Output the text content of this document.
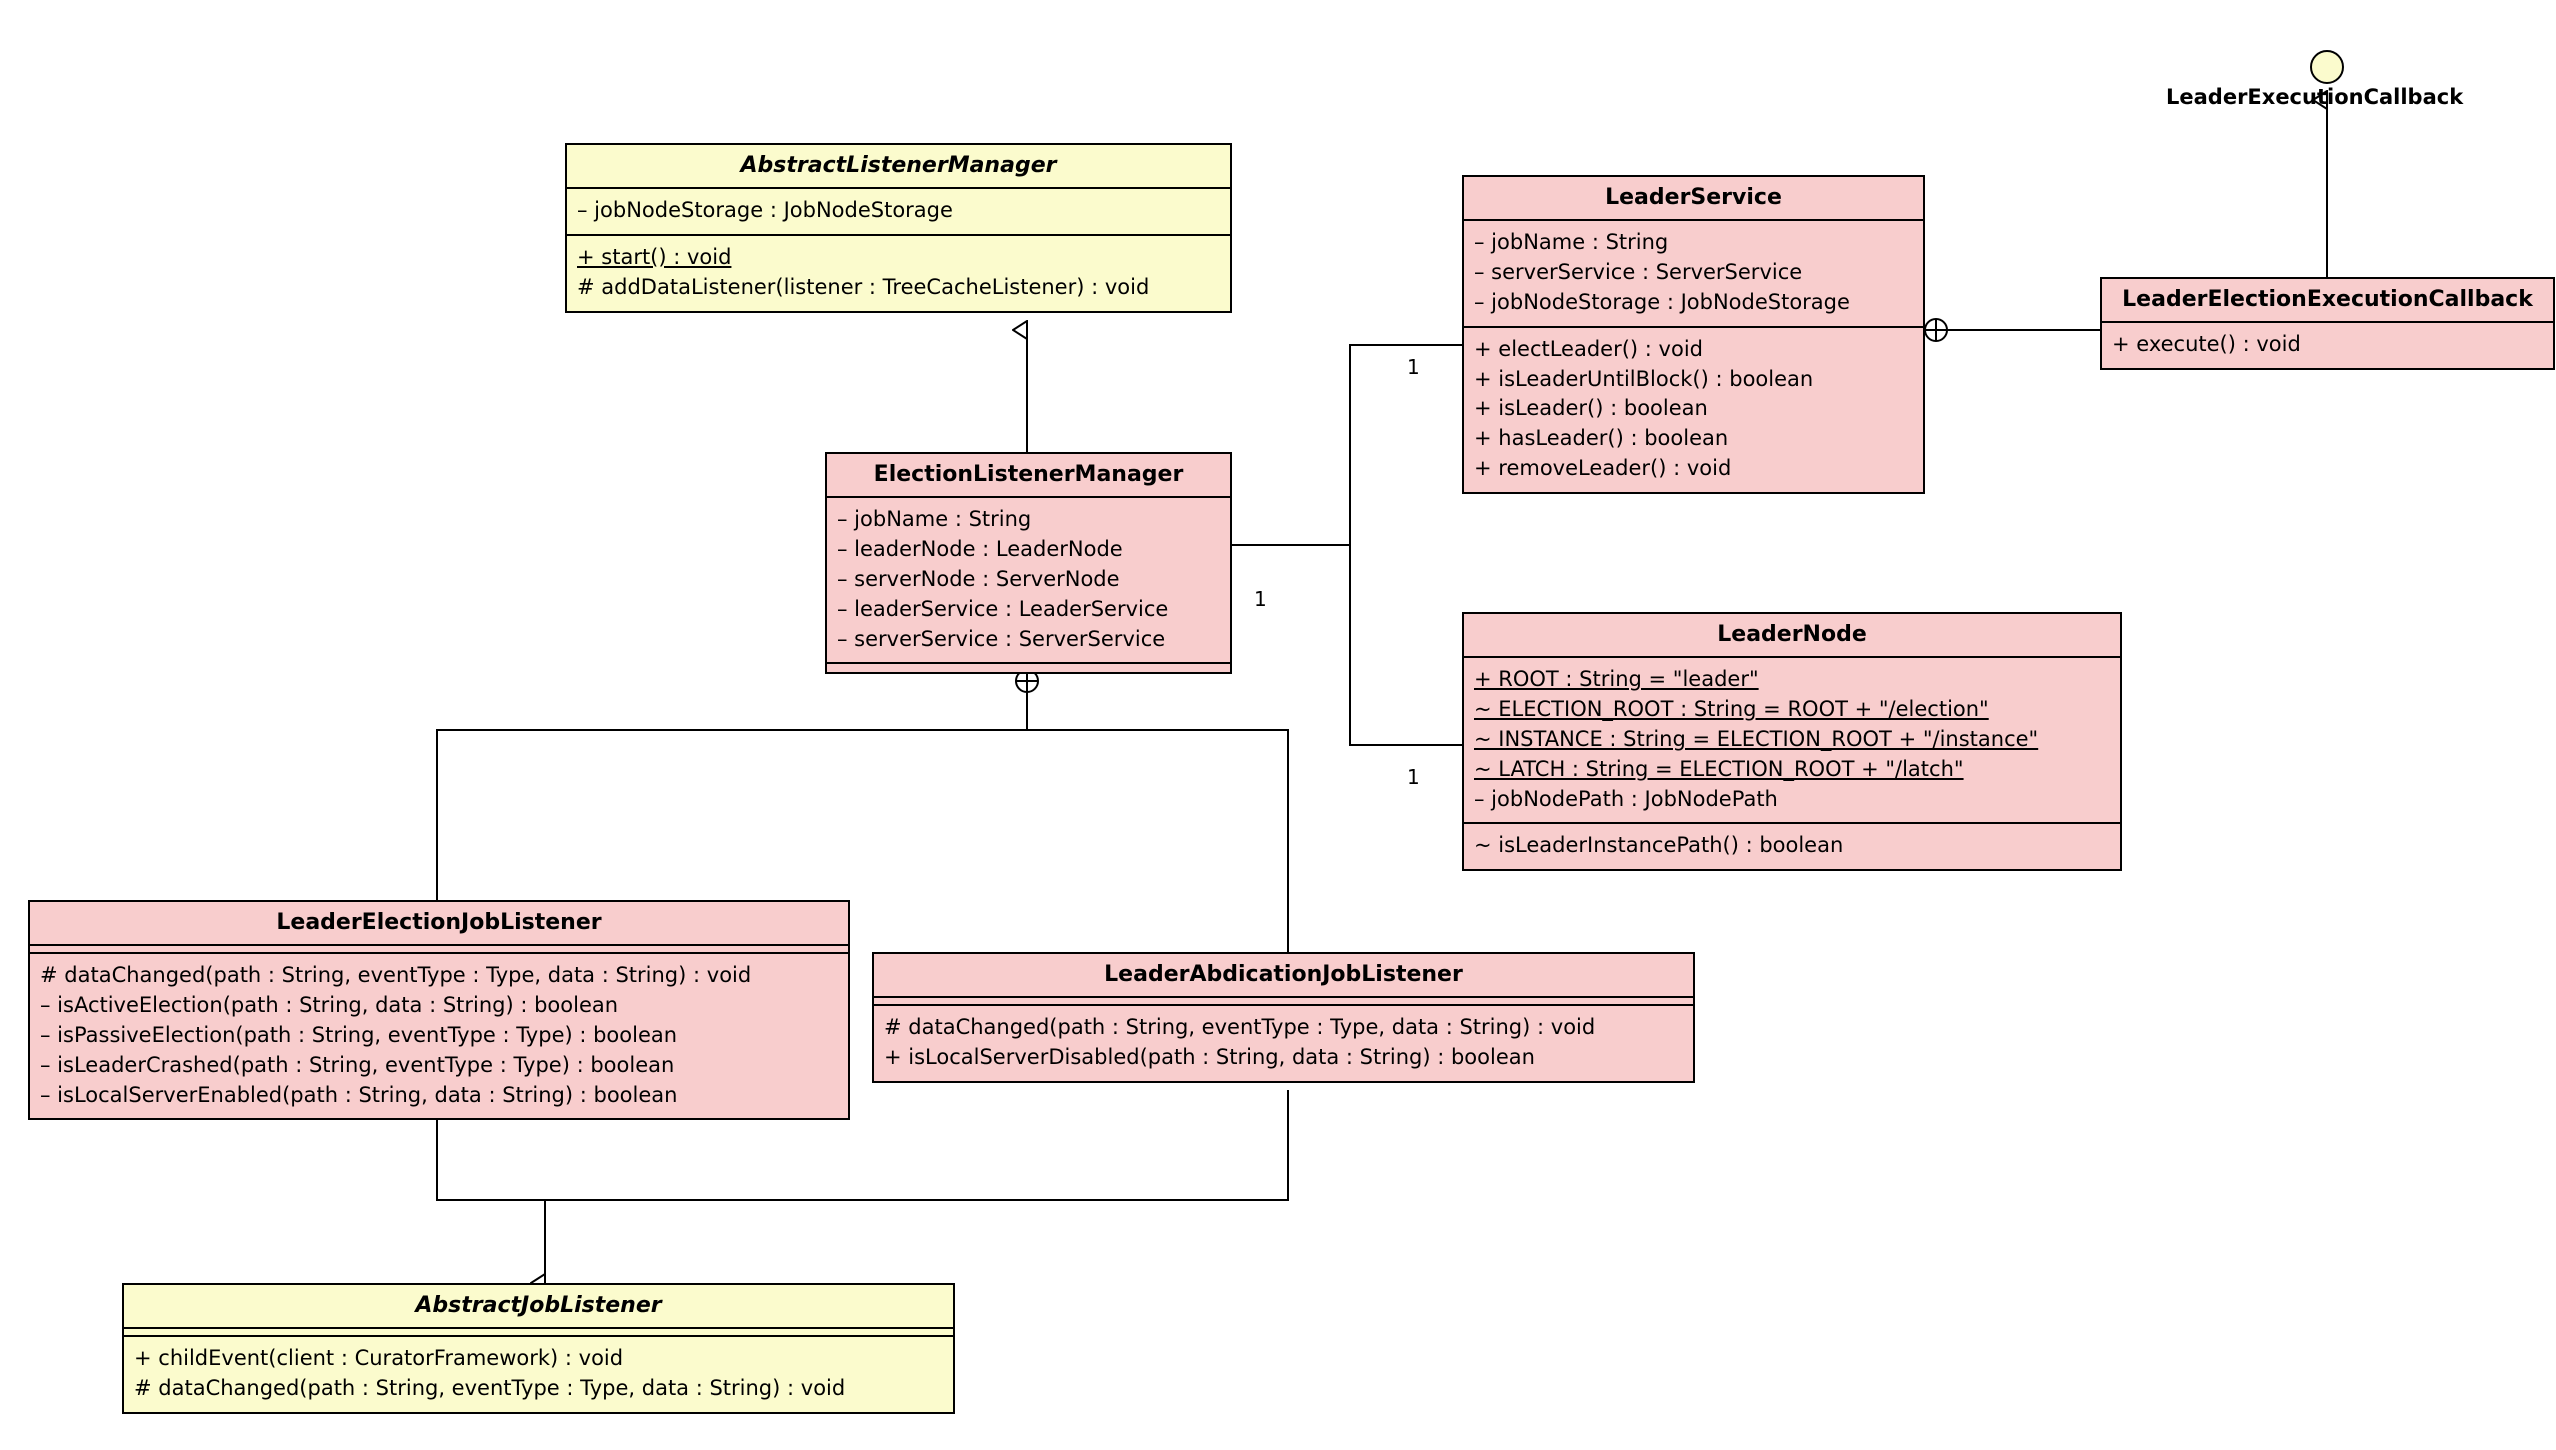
LeaderExecutionCallback
AbstractListenerManager
– jobNodeStorage : JobNodeStorage
+ start() : void
# addDataListener(listener : TreeCacheListener) : void
ElectionListenerManager
– jobName : String
– leaderNode : LeaderNode
– serverNode : ServerNode
– leaderService : LeaderService
– serverService : ServerService
LeaderService
– jobName : String
– serverService : ServerService
– jobNodeStorage : JobNodeStorage
+ electLeader() : void
+ isLeaderUntilBlock() : boolean
+ isLeader() : boolean
+ hasLeader() : boolean
+ removeLeader() : void
LeaderElectionExecutionCallback
+ execute() : void
LeaderNode
+ ROOT : String = "leader"
~ ELECTION_ROOT : String = ROOT + "/election"
~ INSTANCE : String = ELECTION_ROOT + "/instance"
~ LATCH : String = ELECTION_ROOT + "/latch"
– jobNodePath : JobNodePath
~ isLeaderInstancePath() : boolean
LeaderElectionJobListener
# dataChanged(path : String, eventType : Type, data : String) : void
– isActiveElection(path : String, data : String) : boolean
– isPassiveElection(path : String, eventType : Type) : boolean
– isLeaderCrashed(path : String, eventType : Type) : boolean
– isLocalServerEnabled(path : String, data : String) : boolean
LeaderAbdicationJobListener
# dataChanged(path : String, eventType : Type, data : String) : void
+ isLocalServerDisabled(path : String, data : String) : boolean
AbstractJobListener
+ childEvent(client : CuratorFramework) : void
# dataChanged(path : String, eventType : Type, data : String) : void
1
1
1
